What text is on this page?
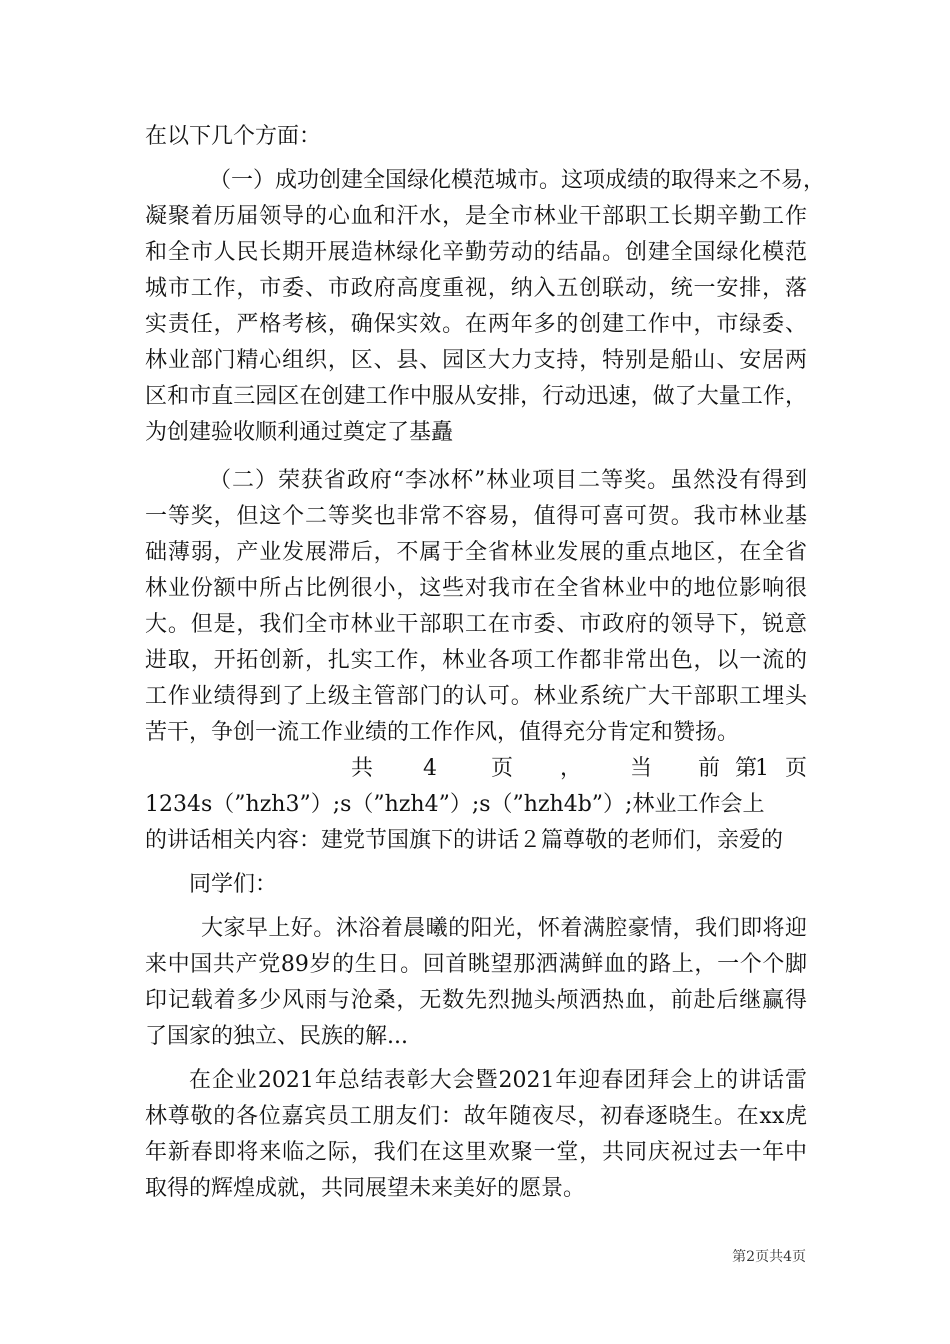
在以下几个方面：
（一）成功创建全国绿化模范城市。这项成绩的取得来之不易，
凝聚着历届领导的心血和汗水，是全市林业干部职工长期辛勤工作
和全市人民长期开展造林绿化辛勤劳动的结晶。创建全国绿化模范
城市工作，市委、市政府高度重视，纳入五创联动，统一安排，落
实责任，严格考核，确保实效。在两年多的创建工作中，市绿委、
林业部门精心组织，区、县、园区大力支持，特别是船山、安居两
区和市直三园区在创建工作中服从安排，行动迅速，做了大量工作，
为创建验收顺利通过奠定了基矗
（二）荣获省政府“李冰杯”林业项目二等奖。虽然没有得到
一等奖，但这个二等奖也非常不容易，值得可喜可贺。我市林业基
础薄弱，产业发展滞后，不属于全省林业发展的重点地区，在全省
林业份额中所占比例很小，这些对我市在全省林业中的地位影响很
大。但是，我们全市林业干部职工在市委、市政府的领导下，锐意
进取，开拓创新，扎实工作，林业各项工作都非常出色，以一流的
工作业绩得到了上级主管部门的认可。林业系统广大干部职工埋头
苦干，争创一流工作业绩的工作作风，值得充分肯定和赞扬。
共 4 页 ， 当 前 第
1 页
1234s（”hzh3”）;s（”hzh4”）;s（”hzh4b”）;林业工作会上
的讲话相关内容：建党节国旗下的讲话２篇尊敬的老师们，亲爱的
同学们：
大家早上好。沐浴着晨曦的阳光，怀着满腔豪情，我们即将迎
来中国共产党89岁的生日。回首眺望那洒满鲜血的路上，一个个脚
印记载着多少风雨与沧桑，无数先烈抛头颅洒热血，前赴后继赢得
了国家的独立、民族的解...
在企业2021年总结表彰大会暨2021年迎春团拜会上的讲话雷
林尊敬的各位嘉宾员工朋友们：故年随夜尽，初春逐晓生。在xx虎
年新春即将来临之际，我们在这里欢聚一堂，共同庆祝过去一年中
取得的辉煌成就，共同展望未来美好的愿景。
第2页共4页
